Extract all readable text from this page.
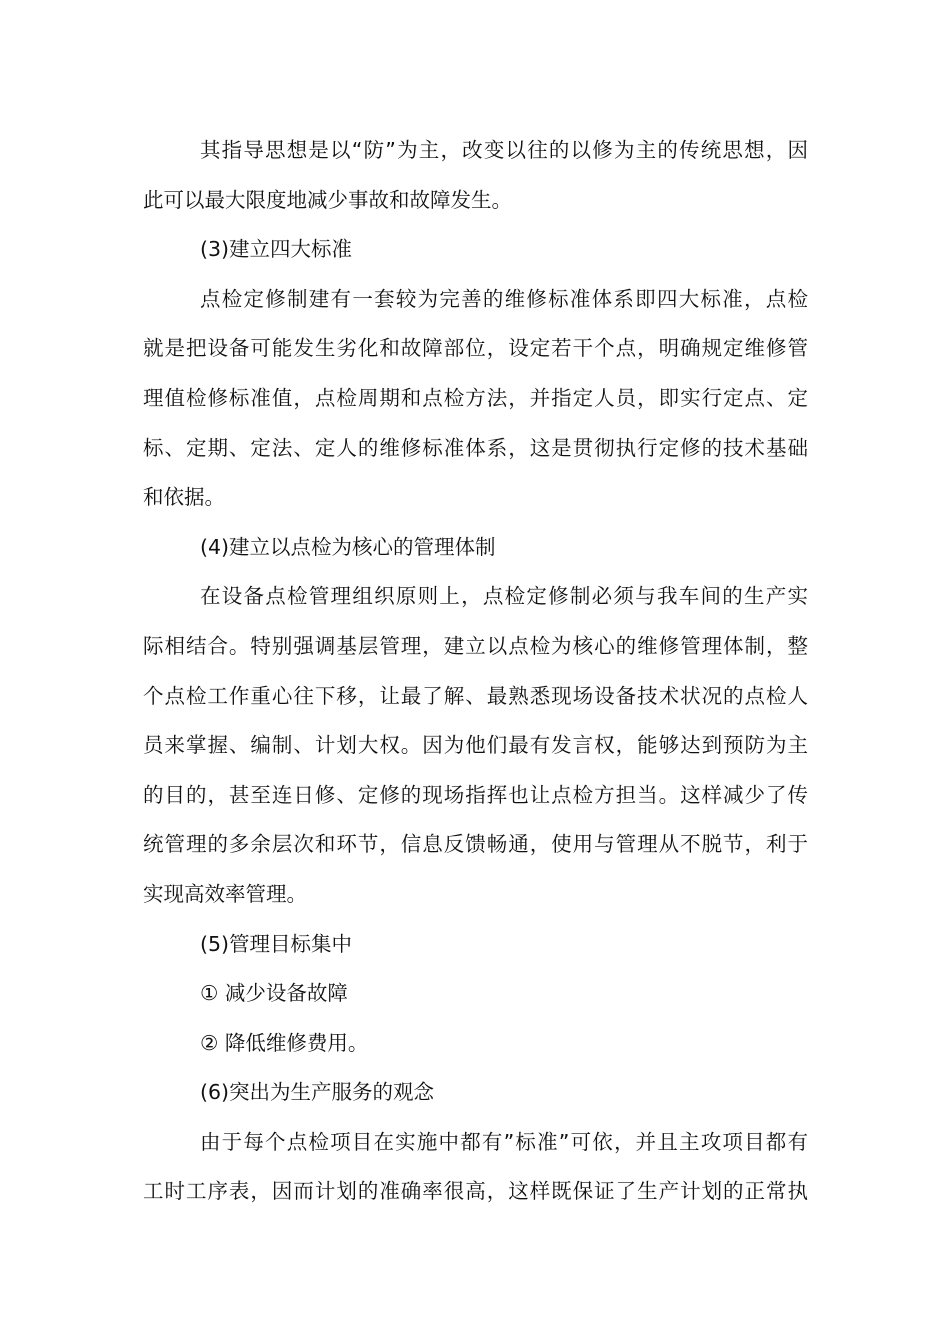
其指导思想是以“防”为主，改变以往的以修为主的传统思想，因
此可以最大限度地减少事故和故障发生。
(3)建立四大标准
点检定修制建有一套较为完善的维修标准体系即四大标准，点检
就是把设备可能发生劣化和故障部位，设定若干个点，明确规定维修管
理值检修标准值，点检周期和点检方法，并指定人员，即实行定点、定
标、定期、定法、定人的维修标准体系，这是贯彻执行定修的技术基础
和依据。
(4)建立以点检为核心的管理体制
在设备点检管理组织原则上，点检定修制必须与我车间的生产实
际相结合。特别强调基层管理，建立以点检为核心的维修管理体制，整
个点检工作重心往下移，让最了解、最熟悉现场设备技术状况的点检人
员来掌握、编制、计划大权。因为他们最有发言权，能够达到预防为主
的目的，甚至连日修、定修的现场指挥也让点检方担当。这样减少了传
统管理的多余层次和环节，信息反馈畅通，使用与管理从不脱节，利于
实现高效率管理。
(5)管理目标集中
① 减少设备故障
② 降低维修费用。
(6)突出为生产服务的观念
由于每个点检项目在实施中都有”标准”可依，并且主攻项目都有
工时工序表，因而计划的准确率很高，这样既保证了生产计划的正常执
